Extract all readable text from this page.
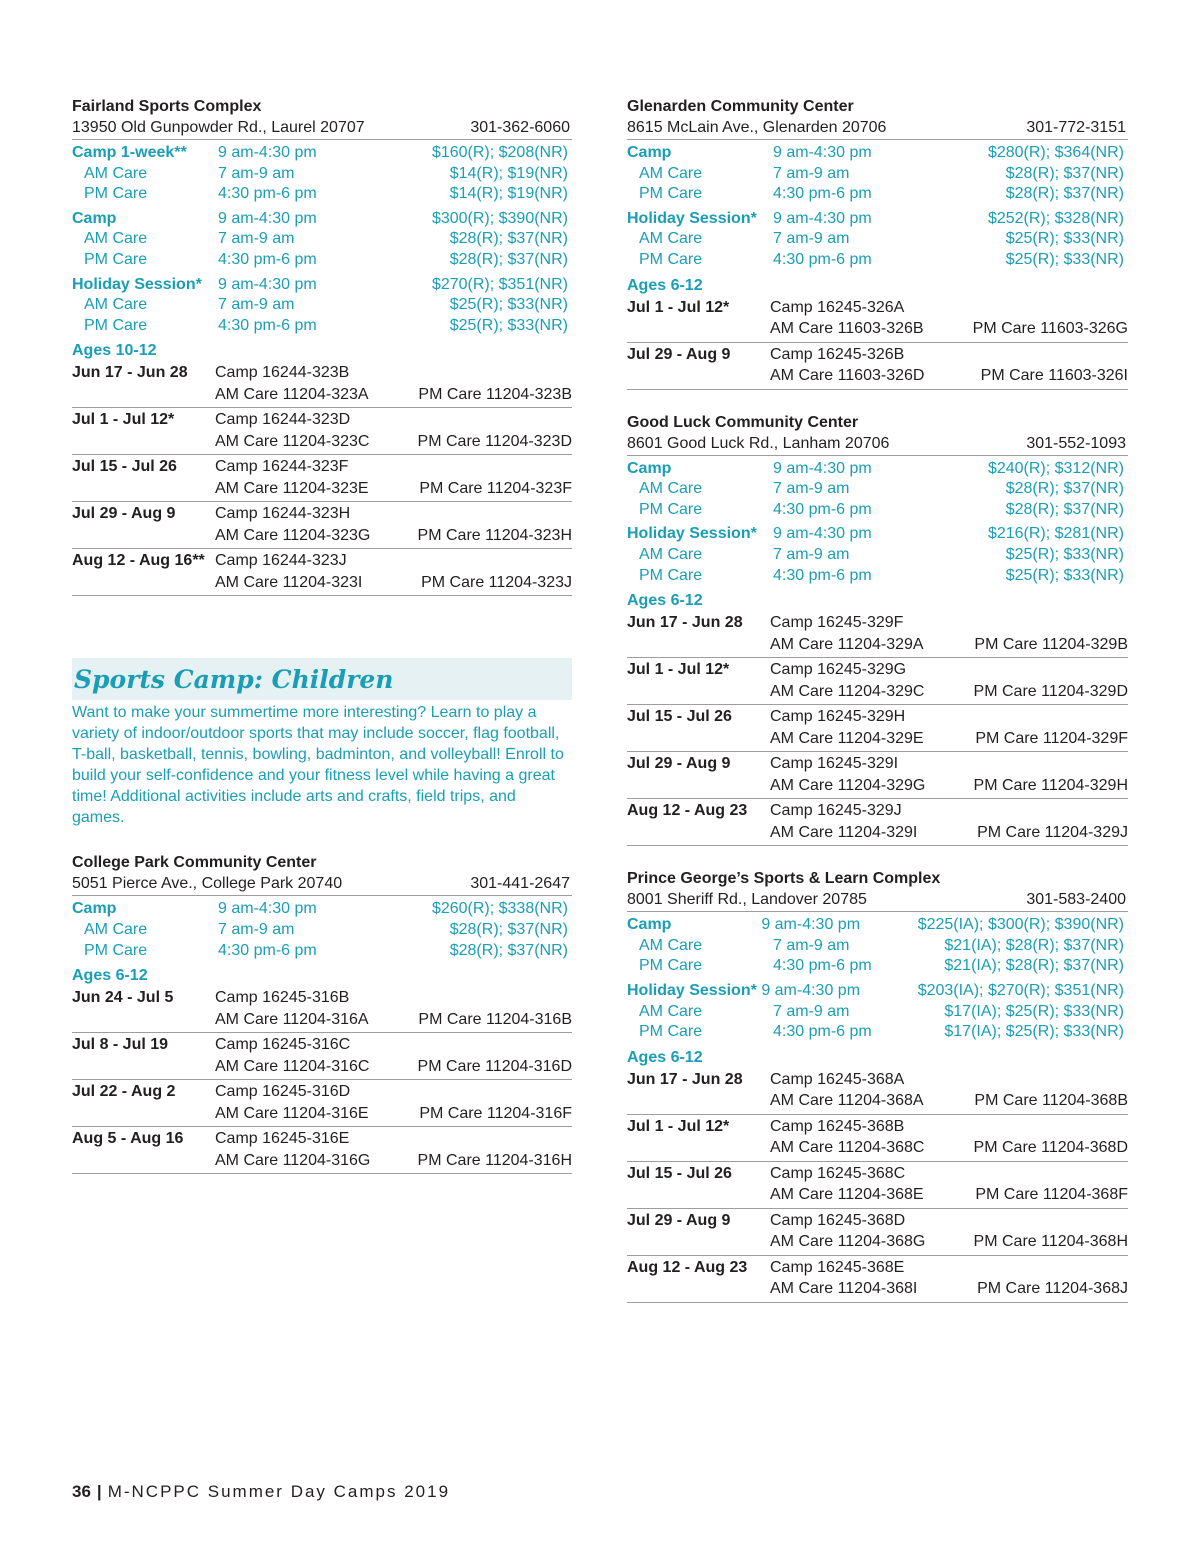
Fairland Sports Complex
13950 Old Gunpowder Rd., Laurel 20707	301-362-6060
Camp 1-week**	9 am-4:30 pm	$160(R); $208(NR)
AM Care	7 am-9 am	$14(R); $19(NR)
PM Care	4:30 pm-6 pm	$14(R); $19(NR)
Camp	9 am-4:30 pm	$300(R); $390(NR)
AM Care	7 am-9 am	$28(R); $37(NR)
PM Care	4:30 pm-6 pm	$28(R); $37(NR)
Holiday Session*	9 am-4:30 pm	$270(R); $351(NR)
AM Care	7 am-9 am	$25(R); $33(NR)
PM Care	4:30 pm-6 pm	$25(R); $33(NR)
Ages 10-12
Jun 17 - Jun 28	Camp 16244-323B
AM Care 11204-323A	PM Care 11204-323B
Jul 1 - Jul 12*	Camp 16244-323D
AM Care 11204-323C	PM Care 11204-323D
Jul 15 - Jul 26	Camp 16244-323F
AM Care 11204-323E	PM Care 11204-323F
Jul 29 - Aug 9	Camp 16244-323H
AM Care 11204-323G	PM Care 11204-323H
Aug 12 - Aug 16** Camp 16244-323J
AM Care 11204-323I	PM Care 11204-323J
Sports Camp: Children
Want to make your summertime more interesting? Learn to play a variety of indoor/outdoor sports that may include soccer, flag football, T-ball, basketball, tennis, bowling, badminton, and volleyball! Enroll to build your self-confidence and your fitness level while having a great time! Additional activities include arts and crafts, field trips, and games.
College Park Community Center
5051 Pierce Ave., College Park 20740	301-441-2647
Camp	9 am-4:30 pm	$260(R); $338(NR)
AM Care	7 am-9 am	$28(R); $37(NR)
PM Care	4:30 pm-6 pm	$28(R); $37(NR)
Ages 6-12
Jun 24 - Jul 5	Camp 16245-316B
AM Care 11204-316A	PM Care 11204-316B
Jul 8 - Jul 19	Camp 16245-316C
AM Care 11204-316C	PM Care 11204-316D
Jul 22 - Aug 2	Camp 16245-316D
AM Care 11204-316E	PM Care 11204-316F
Aug 5 - Aug 16	Camp 16245-316E
AM Care 11204-316G	PM Care 11204-316H
Glenarden Community Center
8615 McLain Ave., Glenarden 20706	301-772-3151
Camp	9 am-4:30 pm	$280(R); $364(NR)
AM Care	7 am-9 am	$28(R); $37(NR)
PM Care	4:30 pm-6 pm	$28(R); $37(NR)
Holiday Session*	9 am-4:30 pm	$252(R); $328(NR)
AM Care	7 am-9 am	$25(R); $33(NR)
PM Care	4:30 pm-6 pm	$25(R); $33(NR)
Ages 6-12
Jul 1 - Jul 12*	Camp 16245-326A
AM Care 11603-326B	PM Care 11603-326G
Jul 29 - Aug 9	Camp 16245-326B
AM Care 11603-326D	PM Care 11603-326I
Good Luck Community Center
8601 Good Luck Rd., Lanham 20706	301-552-1093
Camp	9 am-4:30 pm	$240(R); $312(NR)
AM Care	7 am-9 am	$28(R); $37(NR)
PM Care	4:30 pm-6 pm	$28(R); $37(NR)
Holiday Session*	9 am-4:30 pm	$216(R); $281(NR)
AM Care	7 am-9 am	$25(R); $33(NR)
PM Care	4:30 pm-6 pm	$25(R); $33(NR)
Ages 6-12
Jun 17 - Jun 28	Camp 16245-329F
AM Care 11204-329A	PM Care 11204-329B
Jul 1 - Jul 12*	Camp 16245-329G
AM Care 11204-329C	PM Care 11204-329D
Jul 15 - Jul 26	Camp 16245-329H
AM Care 11204-329E	PM Care 11204-329F
Jul 29 - Aug 9	Camp 16245-329I
AM Care 11204-329G	PM Care 11204-329H
Aug 12 - Aug 23	Camp 16245-329J
AM Care 11204-329I	PM Care 11204-329J
Prince George’s Sports & Learn Complex
8001 Sheriff Rd., Landover 20785	301-583-2400
Camp	9 am-4:30 pm	$225(IA); $300(R); $390(NR)
AM Care	7 am-9 am	$21(IA); $28(R); $37(NR)
PM Care	4:30 pm-6 pm	$21(IA); $28(R); $37(NR)
Holiday Session* 9 am-4:30 pm	$203(IA); $270(R); $351(NR)
AM Care	7 am-9 am	$17(IA); $25(R); $33(NR)
PM Care	4:30 pm-6 pm	$17(IA); $25(R); $33(NR)
Ages 6-12
Jun 17 - Jun 28	Camp 16245-368A
AM Care 11204-368A	PM Care 11204-368B
Jul 1 - Jul 12*	Camp 16245-368B
AM Care 11204-368C	PM Care 11204-368D
Jul 15 - Jul 26	Camp 16245-368C
AM Care 11204-368E	PM Care 11204-368F
Jul 29 - Aug 9	Camp 16245-368D
AM Care 11204-368G	PM Care 11204-368H
Aug 12 - Aug 23	Camp 16245-368E
AM Care 11204-368I	PM Care 11204-368J
36 | M-NCPPC Summer Day Camps 2019
